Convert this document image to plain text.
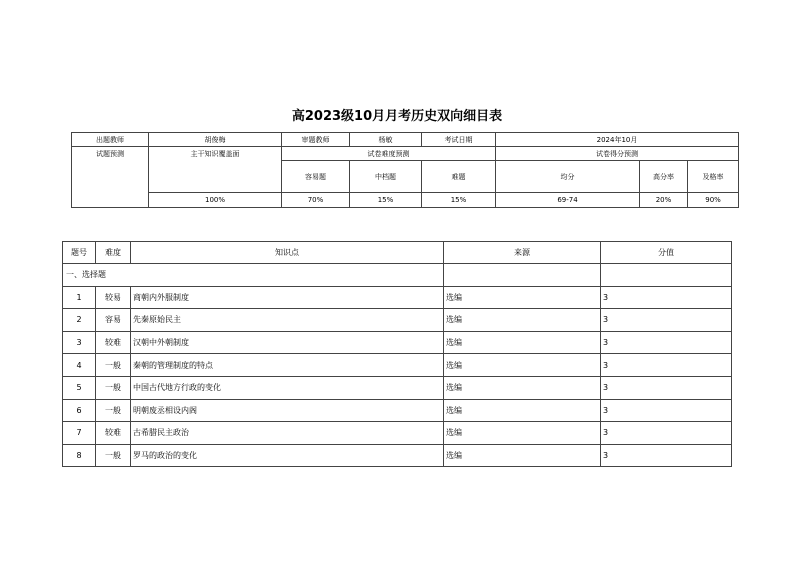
高2023级10月月考历史双向细目表
出题教师	胡俊梅	审题教师	杨敏	考试日期	2024年10月		
试题预测	主干知识覆盖面	试卷难度预测			试卷得分预测		
		容易题	中档题	难题	均分	高分率	及格率
	100%	70%	15%	15%	69-74	20%	90%
题号	难度	知识点	来源	分值
一、选择题				
1	较易	商朝内外服制度	选编	3
2	容易	先秦原始民主	选编	3
3	较难	汉朝中外朝制度	选编	3
4	一般	秦朝的管理制度的特点	选编	3
5	一般	中国古代地方行政的变化	选编	3
6	一般	明朝废丞相设内阁	选编	3
7	较难	古希腊民主政治	选编	3
8	一般	罗马的政治的变化	选编	3
